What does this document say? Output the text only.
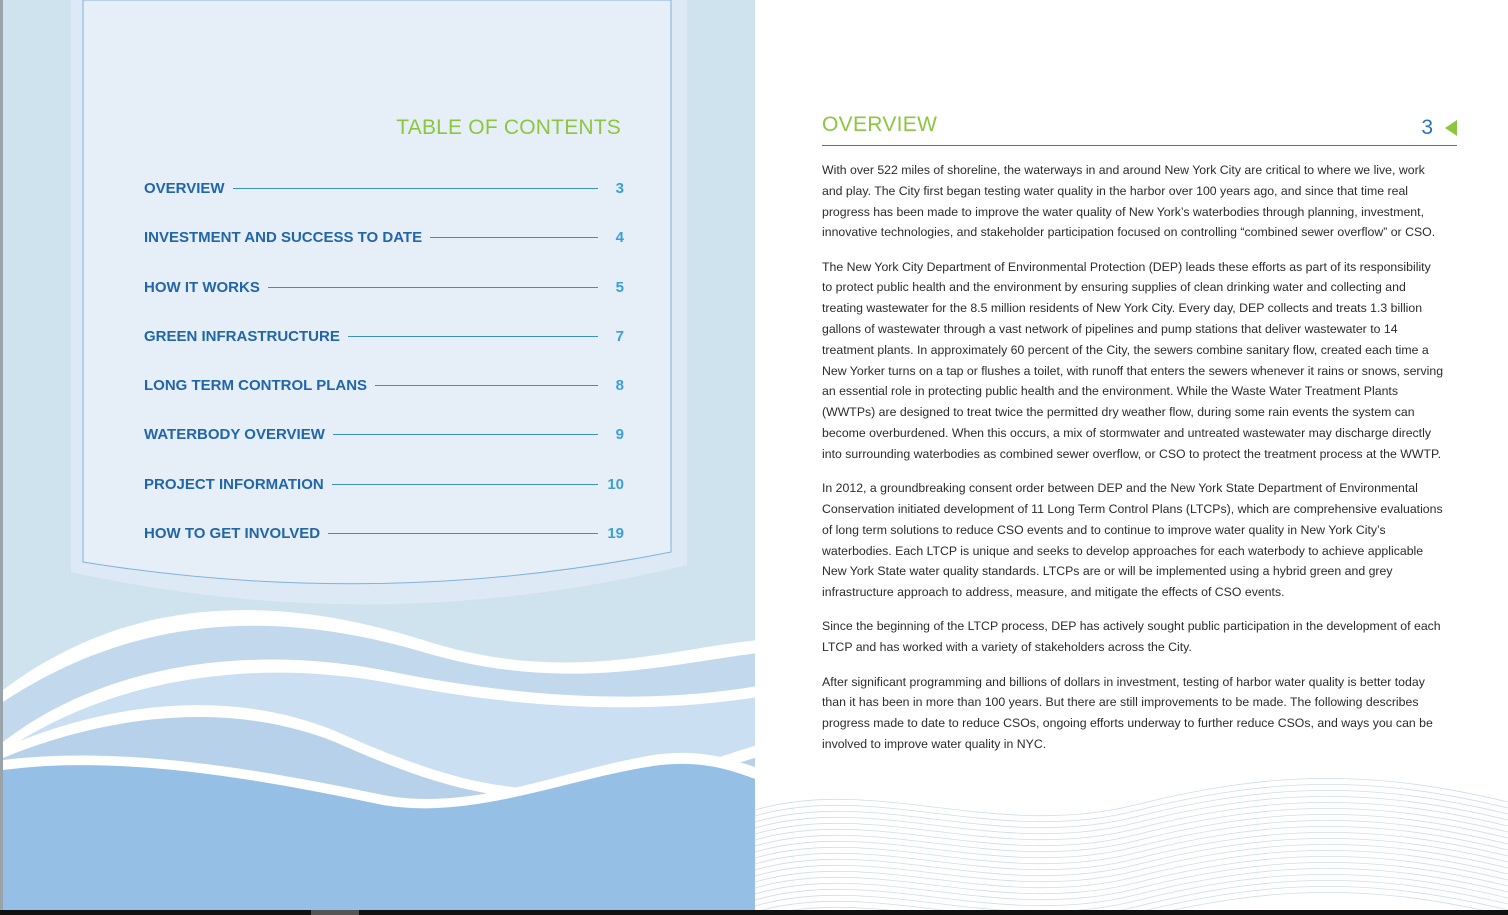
TABLE OF CONTENTS
OVERVIEW	3
INVESTMENT AND SUCCESS TO DATE	4
HOW IT WORKS	5
GREEN INFRASTRUCTURE	7
LONG TERM CONTROL PLANS	8
WATERBODY OVERVIEW	9
PROJECT INFORMATION	10
HOW TO GET INVOLVED	19
OVERVIEW	3

With over 522 miles of shoreline, the waterways in and around New York City are critical to where we live, work and play. The City first began testing water quality in the harbor over 100 years ago, and since that time real progress has been made to improve the water quality of New York’s waterbodies through planning, investment, innovative technologies, and stakeholder participation focused on controlling “combined sewer overflow” or CSO.

The New York City Department of Environmental Protection (DEP) leads these efforts as part of its responsibility to protect public health and the environment by ensuring supplies of clean drinking water and collecting and treating wastewater for the 8.5 million residents of New York City. Every day, DEP collects and treats 1.3 billion gallons of wastewater through a vast network of pipelines and pump stations that deliver wastewater to 14 treatment plants. In approximately 60 percent of the City, the sewers combine sanitary flow, created each time a New Yorker turns on a tap or flushes a toilet, with runoff that enters the sewers whenever it rains or snows, serving an essential role in protecting public health and the environment. While the Waste Water Treatment Plants (WWTPs) are designed to treat twice the permitted dry weather flow, during some rain events the system can become overburdened. When this occurs, a mix of stormwater and untreated wastewater may discharge directly into surrounding waterbodies as combined sewer overflow, or CSO to protect the treatment process at the WWTP.

In 2012, a groundbreaking consent order between DEP and the New York State Department of Environmental Conservation initiated development of 11 Long Term Control Plans (LTCPs), which are comprehensive evaluations of long term solutions to reduce CSO events and to continue to improve water quality in New York City’s waterbodies. Each LTCP is unique and seeks to develop approaches for each waterbody to achieve applicable New York State water quality standards. LTCPs are or will be implemented using a hybrid green and grey infrastructure approach to address, measure, and mitigate the effects of CSO events.

Since the beginning of the LTCP process, DEP has actively sought public participation in the development of each LTCP and has worked with a variety of stakeholders across the City.

After significant programming and billions of dollars in investment, testing of harbor water quality is better today than it has been in more than 100 years. But there are still improvements to be made. The following describes progress made to date to reduce CSOs, ongoing efforts underway to further reduce CSOs, and ways you can be involved to improve water quality in NYC.
